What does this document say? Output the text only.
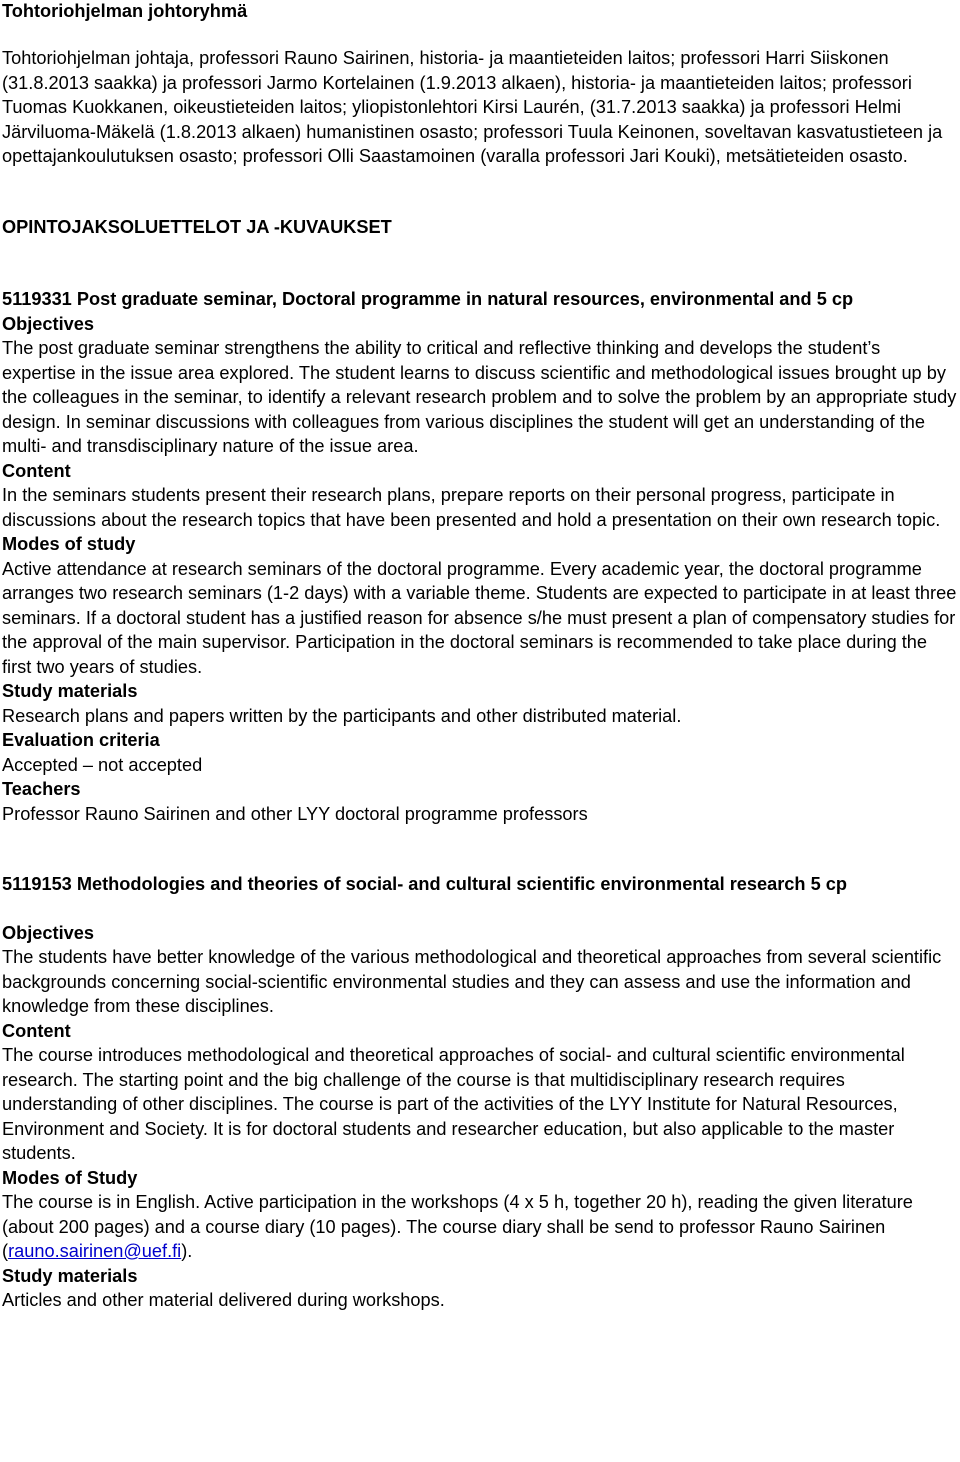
Tohtoriohjelman johtoryhmä

Tohtoriohjelman johtaja, professori Rauno Sairinen, historia- ja maantieteiden laitos; professori Harri Siiskonen (31.8.2013 saakka) ja professori Jarmo Kortelainen (1.9.2013 alkaen), historia- ja maantieteiden laitos; professori Tuomas Kuokkanen, oikeustieteiden laitos; yliopistonlehtori Kirsi Laurén, (31.7.2013 saakka) ja professori Helmi Järviluoma-Mäkelä (1.8.2013 alkaen) humanistinen osasto; professori Tuula Keinonen, soveltavan kasvatustieteen ja opettajankoulutuksen osasto; professori Olli Saastamoinen (varalla professori Jari Kouki), metsätieteiden osasto.

OPINTOJAKSOLUETTELOT JA -KUVAUKSET

5119331 Post graduate seminar, Doctoral programme in natural resources, environmental and 5 cp

Objectives

The post graduate seminar strengthens the ability to critical and reflective thinking and develops the student’s expertise in the issue area explored. The student learns to discuss scientific and methodological issues brought up by the colleagues in the seminar, to identify a relevant research problem and to solve the problem by an appropriate study design. In seminar discussions with colleagues from various disciplines the student will get an understanding of the multi- and transdisciplinary nature of the issue area.

Content

In the seminars students present their research plans, prepare reports on their personal progress, participate in discussions about the research topics that have been presented and hold a presentation on their own research topic.

Modes of study

Active attendance at research seminars of the doctoral programme. Every academic year, the doctoral programme arranges two research seminars (1-2 days) with a variable theme. Students are expected to participate in at least three seminars. If a doctoral student has a justified reason for absence s/he must present a plan of compensatory studies for the approval of the main supervisor. Participation in the doctoral seminars is recommended to take place during the first two years of studies.

Study materials

Research plans and papers written by the participants and other distributed material.

Evaluation criteria

Accepted – not accepted

Teachers

Professor Rauno Sairinen and other LYY doctoral programme professors

5119153 Methodologies and theories of social- and cultural scientific environmental research 5 cp

Objectives

The students have better knowledge of the various methodological and theoretical approaches from several scientific backgrounds concerning social-scientific environmental studies and they can assess and use the information and knowledge from these disciplines.

Content

The course introduces methodological and theoretical approaches of social- and cultural scientific environmental research. The starting point and the big challenge of the course is that multidisciplinary research requires understanding of other disciplines. The course is part of the activities of the LYY Institute for Natural Resources, Environment and Society. It is for doctoral students and researcher education, but also applicable to the master students.

Modes of Study

The course is in English. Active participation in the workshops (4 x 5 h, together 20 h), reading the given literature (about 200 pages) and a course diary (10 pages). The course diary shall be send to professor Rauno Sairinen (rauno.sairinen@uef.fi).

Study materials

Articles and other material delivered during workshops.
